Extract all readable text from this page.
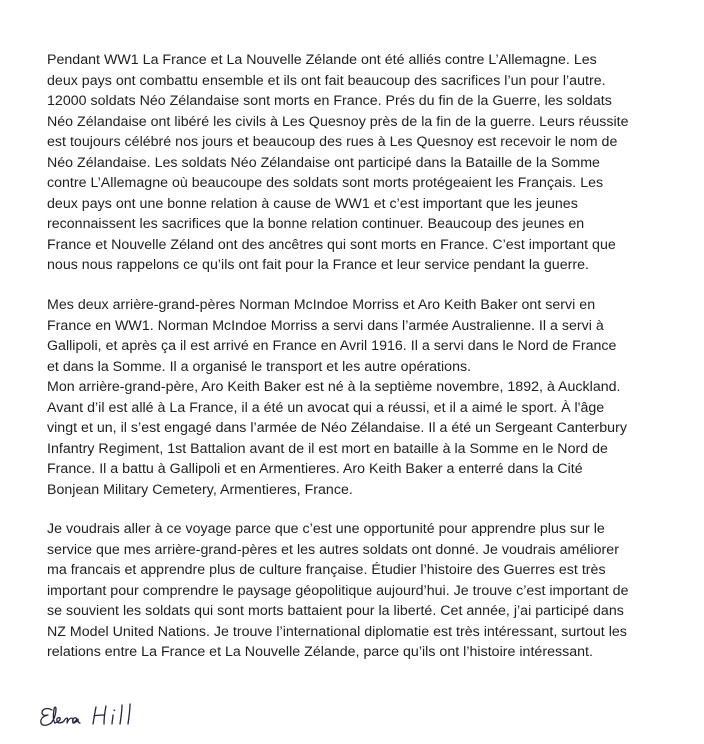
Pendant WW1 La France et La Nouvelle Zélande ont été alliés contre L’Allemagne. Les
deux pays ont combattu ensemble et ils ont fait beaucoup des sacrifices l’un pour l’autre.
12000 soldats Néo Zélandaise sont morts en France. Prés du fin de la Guerre, les soldats
Néo Zélandaise ont libéré les civils à Les Quesnoy près de la fin de la guerre. Leurs réussite
est toujours célébré nos jours et beaucoup des rues à Les Quesnoy est recevoir le nom de
Néo Zélandaise. Les soldats Néo Zélandaise ont participé dans la Bataille de la Somme
contre L’Allemagne où beaucoupe des soldats sont morts protégeaient les Français. Les
deux pays ont une bonne relation à cause de WW1 et c’est important que les jeunes
reconnaissent les sacrifices que la bonne relation continuer. Beaucoup des jeunes en
France et Nouvelle Zéland ont des ancêtres qui sont morts en France. C’est important que
nous nous rappelons ce qu’ils ont fait pour la France et leur service pendant la guerre.
Mes deux arrière-grand-pères Norman McIndoe Morriss et Aro Keith Baker ont servi en
France en WW1. Norman McIndoe Morriss a servi dans l’armée Australienne. Il a servi à
Gallipoli, et après ça il est arrivé en France en Avril 1916. Il a servi dans le Nord de France
et dans la Somme. Il a organisé le transport et les autre opérations.
Mon arrière-grand-père, Aro Keith Baker est né à la septième novembre, 1892, à Auckland.
Avant d’il est allé à La France, il a été un avocat qui a réussi, et il a aimé le sport. À l'âge
vingt et un, il s’est engagé dans l’armée de Néo Zélandaise. Il a été un Sergeant Canterbury
Infantry Regiment, 1st Battalion avant de il est mort en bataille à la Somme en le Nord de
France. Il a battu à Gallipoli et en Armentieres. Aro Keith Baker a enterré dans la Cité
Bonjean Military Cemetery, Armentieres, France.
Je voudrais aller à ce voyage parce que c’est une opportunité pour apprendre plus sur le
service que mes arrière-grand-pères et les autres soldats ont donné. Je voudrais améliorer
ma francais et apprendre plus de culture française. Étudier l’histoire des Guerres est très
important pour comprendre le paysage géopolitique aujourd’hui. Je trouve c’est important de
se souvient les soldats qui sont morts battaient pour la liberté. Cet année, j’ai participé dans
NZ Model United Nations. Je trouve l’international diplomatie est très intéressant, surtout les
relations entre La France et La Nouvelle Zélande, parce qu’ils ont l’histoire intéressant.
